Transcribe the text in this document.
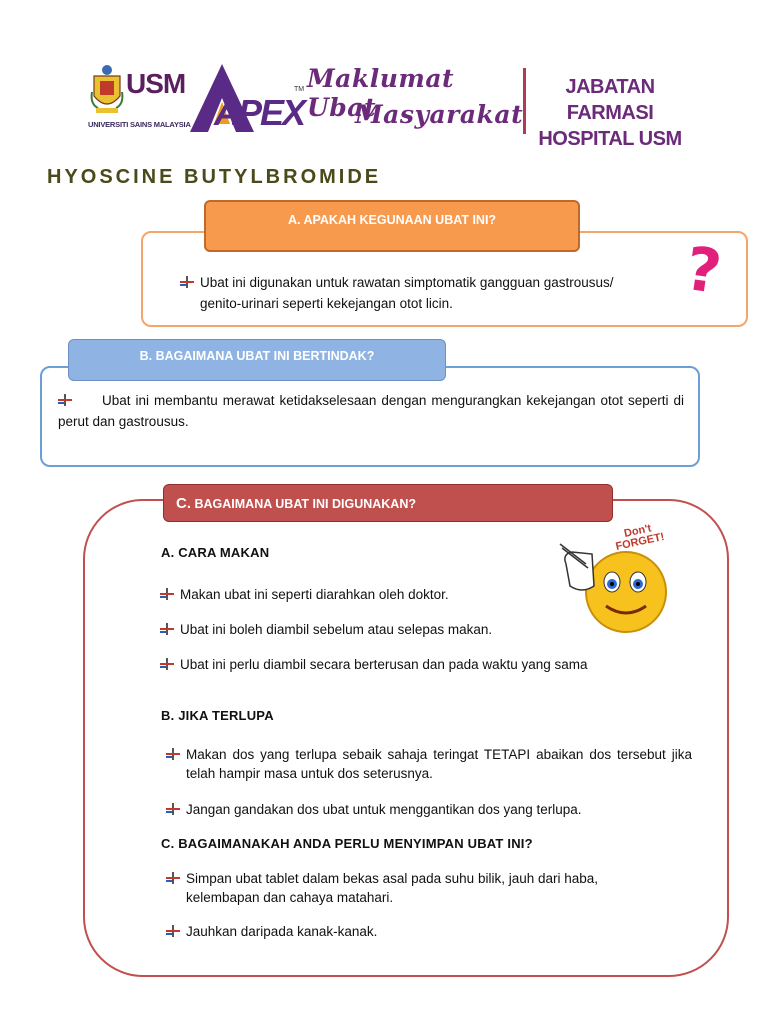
USM
UNIVERSITI SAINS MALAYSIA APEX
TM Maklumat Ubat
Masyarakat
JABATAN FARMASI
HOSPITAL USM
HYOSCINE BUTYLBROMIDE
A. APAKAH KEGUNAAN UBAT INI?
Ubat ini digunakan untuk rawatan simptomatik gangguan gastrousus/
genito-urinari seperti kekejangan otot licin.	?
B. BAGAIMANA UBAT INI BERTINDAK?
Ubat ini membantu merawat ketidakselesaan dengan mengurangkan kekejangan otot seperti di perut dan gastrousus.
C. BAGAIMANA UBAT INI DIGUNAKAN?
Don't FORGET!
A. CARA MAKAN
Makan ubat ini seperti diarahkan oleh doktor.
Ubat ini boleh diambil sebelum atau selepas makan.
Ubat ini perlu diambil secara berterusan dan pada waktu yang sama
B. JIKA TERLUPA
Makan dos yang terlupa sebaik sahaja teringat TETAPI abaikan dos tersebut jika telah hampir masa untuk dos seterusnya.
Jangan gandakan dos ubat untuk menggantikan dos yang terlupa.
C. BAGAIMANAKAH ANDA PERLU MENYIMPAN UBAT INI?
Simpan ubat tablet dalam bekas asal pada suhu bilik, jauh dari haba, kelembapan dan cahaya matahari.
Jauhkan daripada kanak-kanak.
